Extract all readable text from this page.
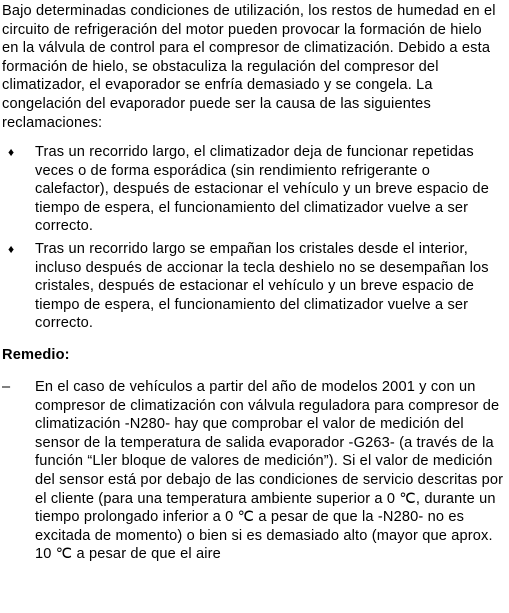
Bajo determinadas condiciones de utilización, los restos de humedad en el circuito de refrigeración del motor pueden provocar la formación de hielo en la válvula de control para el compresor de climatización. Debido a esta formación de hielo, se obstaculiza la regulación del compresor del climatizador, el evaporador se enfría demasiado y se congela. La congelación del evaporador puede ser la causa de las siguientes reclamaciones:
♦ Tras un recorrido largo, el climatizador deja de funcionar repetidas veces o de forma esporádica (sin rendimiento refrigerante o calefactor), después de estacionar el vehículo y un breve espacio de tiempo de espera, el funcionamiento del climatizador vuelve a ser correcto.
♦ Tras un recorrido largo se empañan los cristales desde el interior, incluso después de accionar la tecla deshielo no se desempañan los cristales, después de estacionar el vehículo y un breve espacio de tiempo de espera, el funcionamiento del climatizador vuelve a ser correcto.
Remedio:
– En el caso de vehículos a partir del año de modelos 2001 y con un compresor de climatización con válvula reguladora para compresor de climatización -N280- hay que comprobar el valor de medición del sensor de la temperatura de salida evaporador -G263- (a través de la función “Ller bloque de valores de medición”). Si el valor de medición del sensor está por debajo de las condiciones de servicio descritas por el cliente (para una temperatura ambiente superior a 0 ℃, durante un tiempo prolongado inferior a 0 ℃ a pesar de que la -N280- no es excitada de momento) o bien si es demasiado alto (mayor que aprox. 10 ℃ a pesar de que el aire
